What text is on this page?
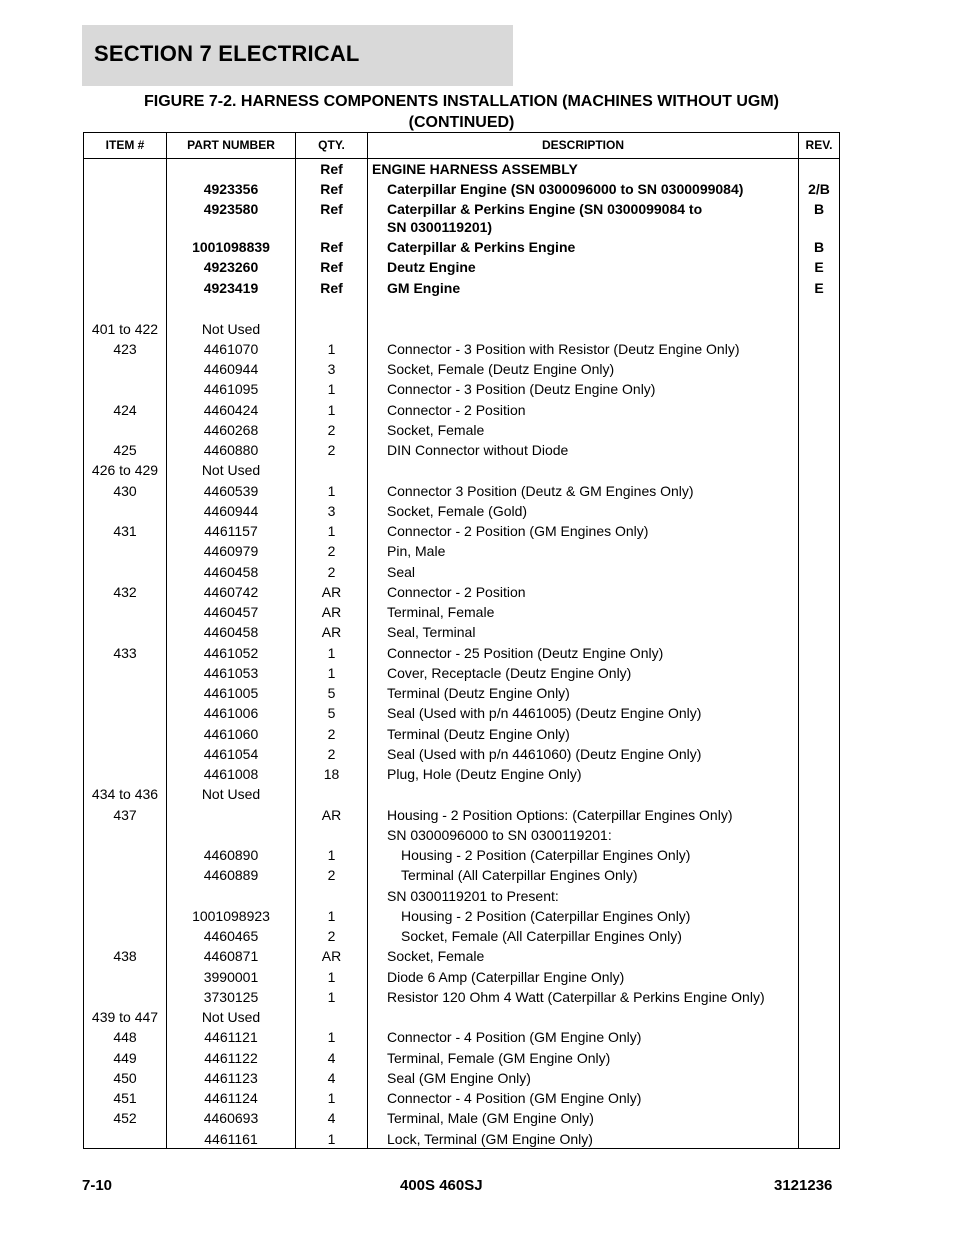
SECTION 7 ELECTRICAL
FIGURE 7-2. HARNESS COMPONENTS INSTALLATION (MACHINES WITHOUT UGM)
(CONTINUED)
ITEM #	PART NUMBER	QTY.	DESCRIPTION	REV.
Ref	ENGINE HARNESS ASSEMBLY
4923356	Ref	Caterpillar Engine (SN 0300096000 to SN 0300099084)	2/B
4923580	Ref	Caterpillar & Perkins Engine (SN 0300099084 to	B
SN 0300119201)
1001098839	Ref	Caterpillar & Perkins Engine	B
4923260	Ref	Deutz Engine	E
4923419	Ref	GM Engine	E
401 to 422	Not Used
423	4461070	1	Connector - 3 Position with Resistor (Deutz Engine Only)
4460944	3	Socket, Female (Deutz Engine Only)
4461095	1	Connector - 3 Position (Deutz Engine Only)
424	4460424	1	Connector - 2 Position
4460268	2	Socket, Female
425	4460880	2	DIN Connector without Diode
426 to 429	Not Used
430	4460539	1	Connector 3 Position (Deutz & GM Engines Only)
4460944	3	Socket, Female (Gold)
431	4461157	1	Connector - 2 Position (GM Engines Only)
4460979	2	Pin, Male
4460458	2	Seal
432	4460742	AR	Connector - 2 Position
4460457	AR	Terminal, Female
4460458	AR	Seal, Terminal
433	4461052	1	Connector - 25 Position (Deutz Engine Only)
4461053	1	Cover, Receptacle (Deutz Engine Only)
4461005	5	Terminal (Deutz Engine Only)
4461006	5	Seal (Used with p/n 4461005) (Deutz Engine Only)
4461060	2	Terminal (Deutz Engine Only)
4461054	2	Seal (Used with p/n 4461060) (Deutz Engine Only)
4461008	18	Plug, Hole (Deutz Engine Only)
434 to 436	Not Used
437	AR	Housing - 2 Position Options: (Caterpillar Engines Only)
SN 0300096000 to SN 0300119201:
4460890	1	Housing - 2 Position (Caterpillar Engines Only)
4460889	2	Terminal (All Caterpillar Engines Only)
SN 0300119201 to Present:
1001098923	1	Housing - 2 Position (Caterpillar Engines Only)
4460465	2	Socket, Female (All Caterpillar Engines Only)
438	4460871	AR	Socket, Female
3990001	1	Diode 6 Amp (Caterpillar Engine Only)
3730125	1	Resistor 120 Ohm 4 Watt (Caterpillar & Perkins Engine Only)
439 to 447	Not Used
448	4461121	1	Connector - 4 Position (GM Engine Only)
449	4461122	4	Terminal, Female (GM Engine Only)
450	4461123	4	Seal (GM Engine Only)
451	4461124	1	Connector - 4 Position (GM Engine Only)
452	4460693	4	Terminal, Male (GM Engine Only)
4461161	1	Lock, Terminal (GM Engine Only)
7-10	400S 460SJ	3121236
